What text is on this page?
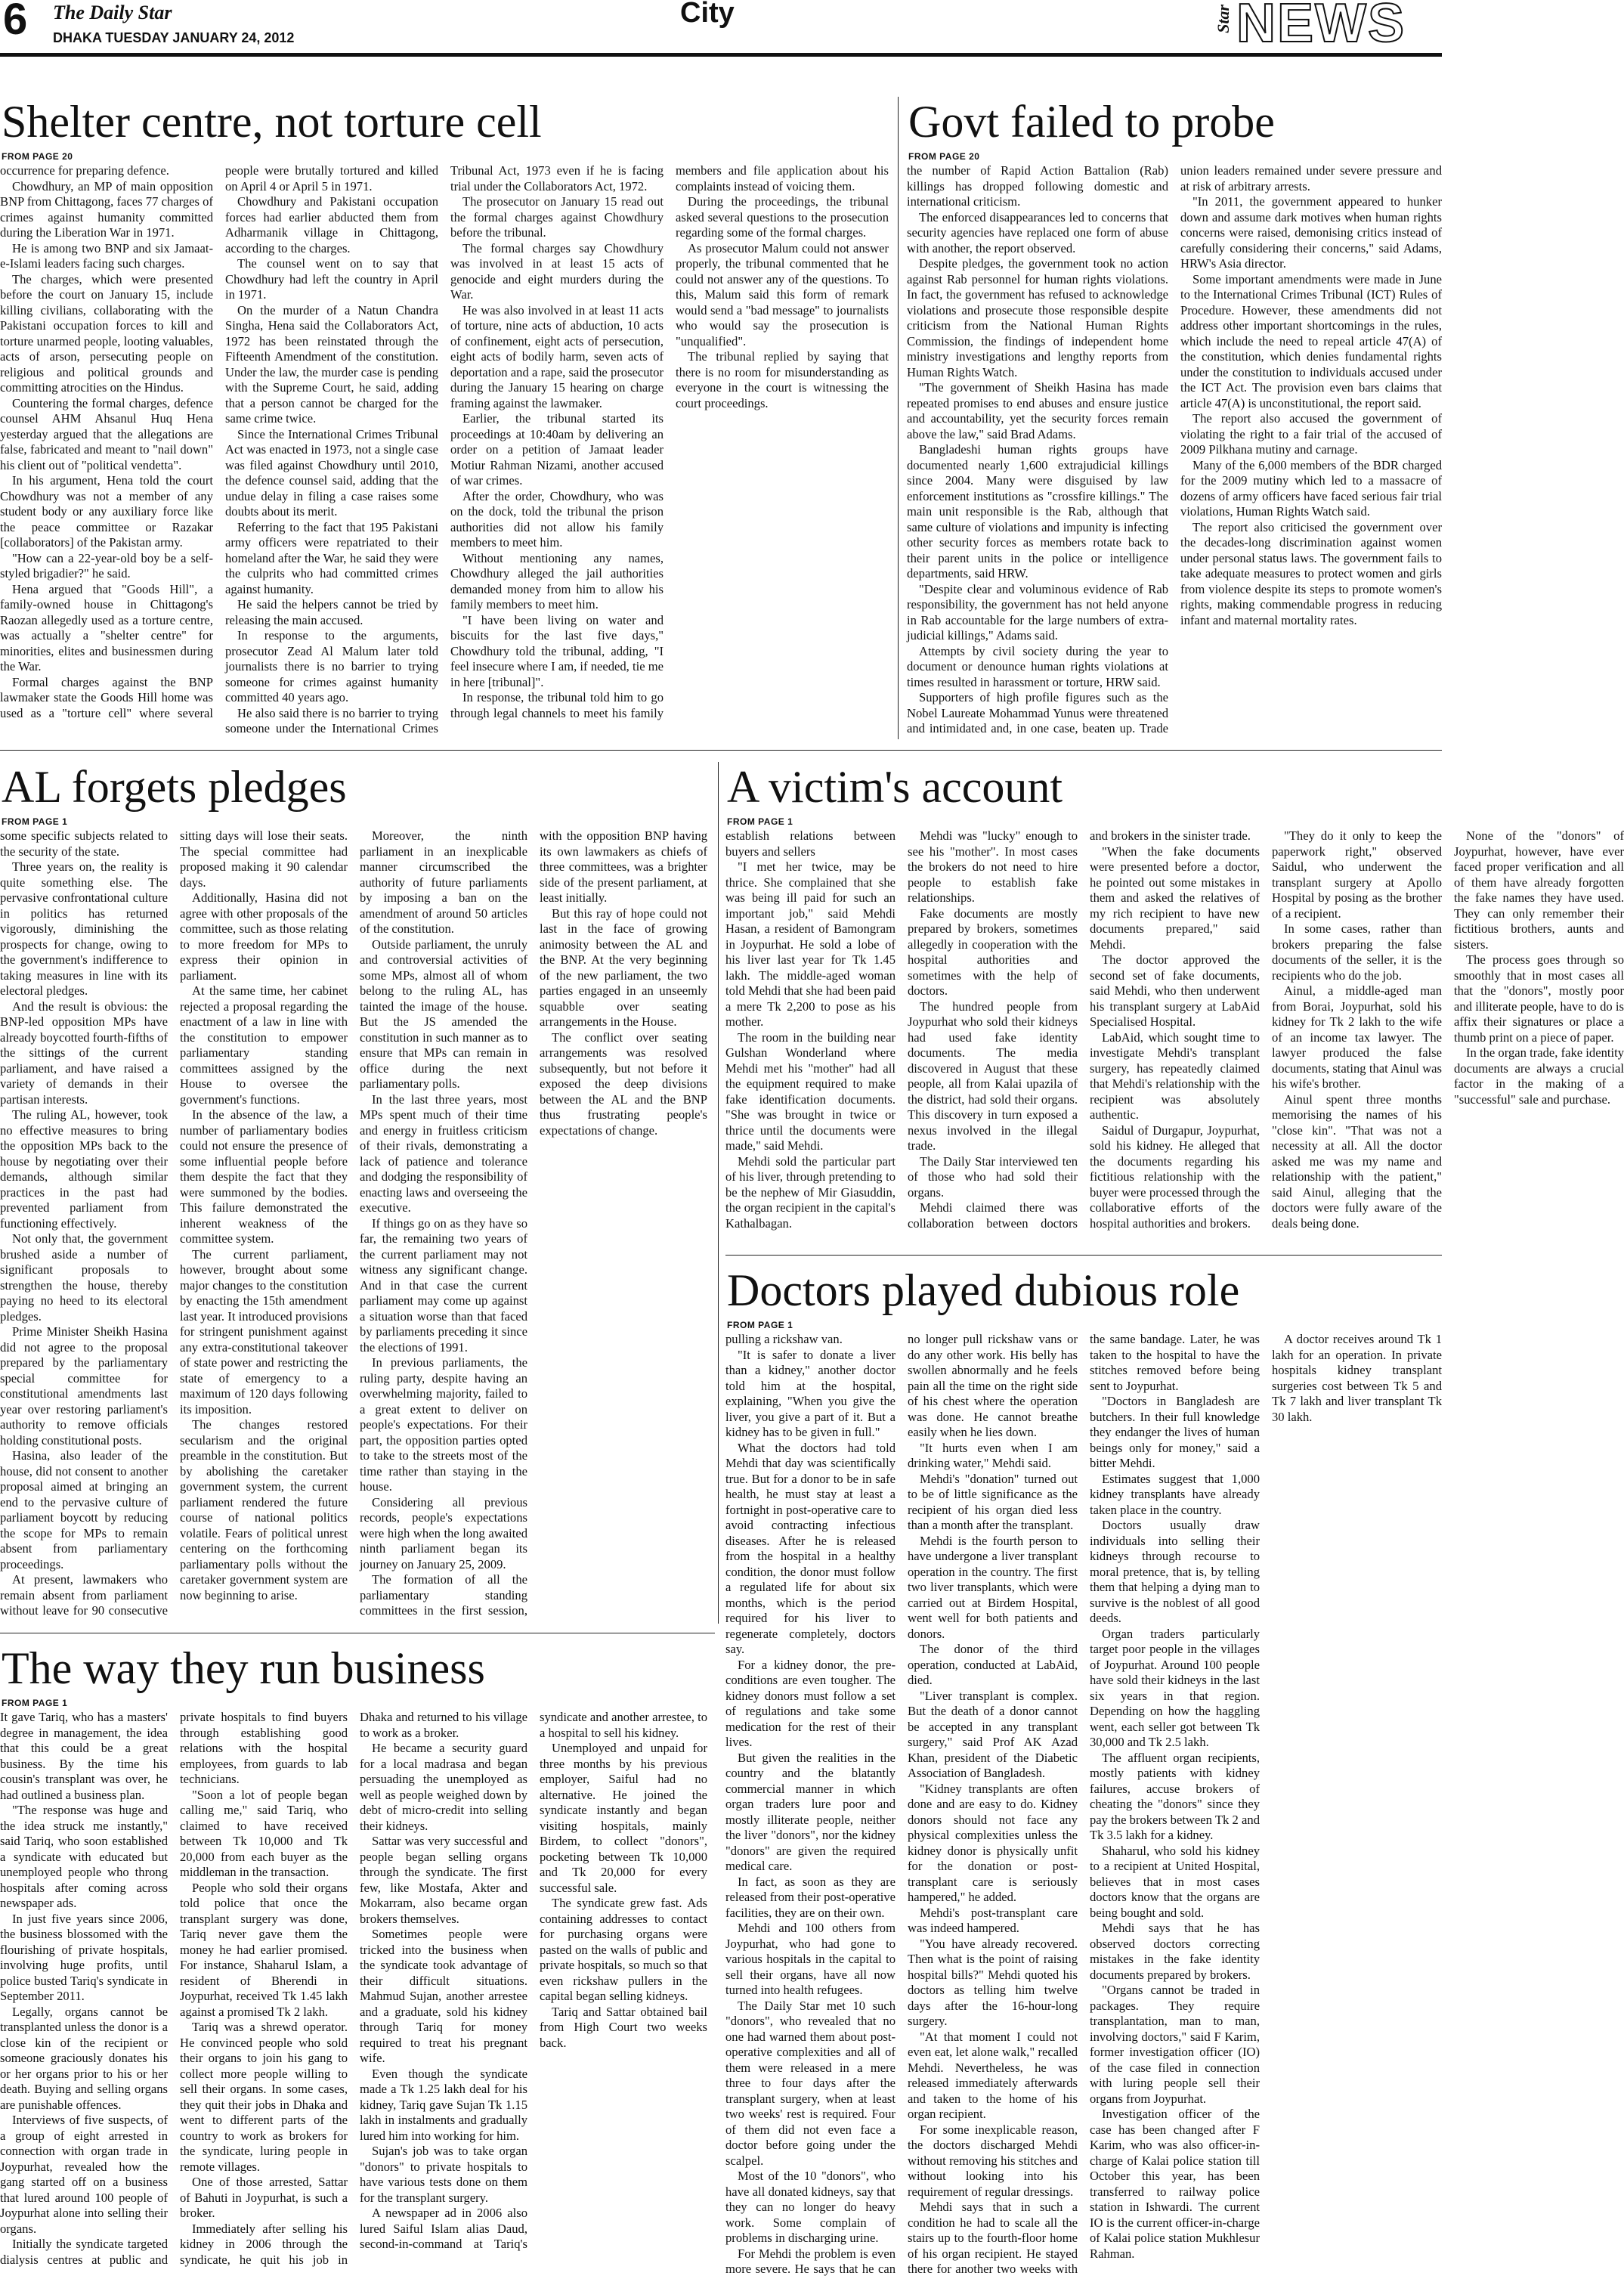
6 The Daily Star
DHAKA TUESDAY JANUARY 24, 2012
City	Star NEWS
Shelter centre, not torture cell
FROM PAGE 20

occurrence for preparing defence.

Chowdhury, an MP of main opposition BNP from Chittagong, faces 77 charges of crimes against humanity committed during the Liberation War in 1971.

He is among two BNP and six Jamaat-e-Islami leaders facing such charges.

The charges, which were presented before the court on January 15, include killing civilians, collaborating with the Pakistani occupation forces to kill and torture unarmed people, looting valuables, acts of arson, persecuting people on religious and political grounds and committing atrocities on the Hindus.

Countering the formal charges, defence counsel AHM Ahsanul Huq Hena yesterday argued that the allegations are false, fabricated and meant to "nail down" his client out of "political vendetta".

In his argument, Hena told the court Chowdhury was not a member of any student body or any auxiliary force like the peace committee or Razakar [collaborators] of the Pakistan army.

"How can a 22-year-old boy be a self-styled brigadier?" he said.

Hena argued that "Goods Hill", a family-owned house in Chittagong's Raozan allegedly used as a torture centre, was actually a "shelter centre" for minorities, elites and businessmen during the War.

Formal charges against the BNP lawmaker state the Goods Hill home was used as a "torture cell" where several people were brutally tortured and killed on April 4 or April 5 in 1971.

Chowdhury and Pakistani occupation forces had earlier abducted them from Adharmanik village in Chittagong, according to the charges.

The counsel went on to say that Chowdhury had left the country in April in 1971.

On the murder of a Natun Chandra Singha, Hena said the Collaborators Act, 1972 has been reinstated through the Fifteenth Amendment of the constitution. Under the law, the murder case is pending with the Supreme Court, he said, adding that a person cannot be charged for the same crime twice.

Since the International Crimes Tribunal Act was enacted in 1973, not a single case was filed against Chowdhury until 2010, the defence counsel said, adding that the undue delay in filing a case raises some doubts about its merit.

Referring to the fact that 195 Pakistani army officers were repatriated to their homeland after the War, he said they were the culprits who had committed crimes against humanity.

He said the helpers cannot be tried by releasing the main accused.

In response to the arguments, prosecutor Zead Al Malum later told journalists there is no barrier to trying someone for crimes against humanity committed 40 years ago.

He also said there is no barrier to trying someone under the International Crimes Tribunal Act, 1973 even if he is facing trial under the Collaborators Act, 1972.

The prosecutor on January 15 read out the formal charges against Chowdhury before the tribunal.

The formal charges say Chowdhury was involved in at least 15 acts of genocide and eight murders during the War.

He was also involved in at least 11 acts of torture, nine acts of abduction, 10 acts of confinement, eight acts of persecution, eight acts of bodily harm, seven acts of deportation and a rape, said the prosecutor during the January 15 hearing on charge framing against the lawmaker.

Earlier, the tribunal started its proceedings at 10:40am by delivering an order on a petition of Jamaat leader Motiur Rahman Nizami, another accused of war crimes.

After the order, Chowdhury, who was on the dock, told the tribunal the prison authorities did not allow his family members to meet him.

Without mentioning any names, Chowdhury alleged the jail authorities demanded money from him to allow his family members to meet him.

"I have been living on water and biscuits for the last five days," Chowdhury told the tribunal, adding, "I feel insecure where I am, if needed, tie me in here [tribunal]".

In response, the tribunal told him to go through legal channels to meet his family members and file application about his complaints instead of voicing them.

During the proceedings, the tribunal asked several questions to the prosecution regarding some of the formal charges.

As prosecutor Malum could not answer properly, the tribunal commented that he could not answer any of the questions. To this, Malum said this form of remark would send a "bad message" to journalists who would say the prosecution is "unqualified".

The tribunal replied by saying that there is no room for misunderstanding as everyone in the court is witnessing the court proceedings.

Govt failed to probe
FROM PAGE 20

the number of Rapid Action Battalion (Rab) killings has dropped following domestic and international criticism.

The enforced disappearances led to concerns that security agencies have replaced one form of abuse with another, the report observed.

Despite pledges, the government took no action against Rab personnel for human rights violations. In fact, the government has refused to acknowledge violations and prosecute those responsible despite criticism from the National Human Rights Commission, the findings of independent home ministry investigations and lengthy reports from Human Rights Watch.

"The government of Sheikh Hasina has made repeated promises to end abuses and ensure justice and accountability, yet the security forces remain above the law," said Brad Adams.

Bangladeshi human rights groups have documented nearly 1,600 extrajudicial killings since 2004. Many were disguised by law enforcement institutions as "crossfire killings." The main unit responsible is the Rab, although that same culture of violations and impunity is infecting other security forces as members rotate back to their parent units in the police or intelligence departments, said HRW.

"Despite clear and voluminous evidence of Rab responsibility, the government has not held anyone in Rab accountable for the large numbers of extra-judicial killings," Adams said.

Attempts by civil society during the year to document or denounce human rights violations at times resulted in harassment or torture, HRW said.

Supporters of high profile figures such as the Nobel Laureate Mohammad Yunus were threatened and intimidated and, in one case, beaten up. Trade union leaders remained under severe pressure and at risk of arbitrary arrests.

"In 2011, the government appeared to hunker down and assume dark motives when human rights concerns were raised, demonising critics instead of carefully considering their concerns," said Adams, HRW's Asia director.

Some important amendments were made in June to the International Crimes Tribunal (ICT) Rules of Procedure. However, these amendments did not address other important shortcomings in the rules, which include the need to repeal article 47(A) of the constitution, which denies fundamental rights under the constitution to individuals accused under the ICT Act. The provision even bars claims that article 47(A) is unconstitutional, the report said.

The report also accused the government of violating the right to a fair trial of the accused of 2009 Pilkhana mutiny and carnage.

Many of the 6,000 members of the BDR charged for the 2009 mutiny which led to a massacre of dozens of army officers have faced serious fair trial violations, Human Rights Watch said.

The report also criticised the government over the decades-long discrimination against women under personal status laws. The government fails to take adequate measures to protect women and girls from violence despite its steps to promote women's rights, making commendable progress in reducing infant and maternal mortality rates.

AL forgets pledges
FROM PAGE 1

some specific subjects related to the security of the state.

Three years on, the reality is quite something else. The pervasive confrontational culture in politics has returned vigorously, diminishing the prospects for change, owing to the government's indifference to taking measures in line with its electoral pledges.

And the result is obvious: the BNP-led opposition MPs have already boycotted fourth-fifths of the sittings of the current parliament, and have raised a variety of demands in their partisan interests.

The ruling AL, however, took no effective measures to bring the opposition MPs back to the house by negotiating over their demands, although similar practices in the past had prevented parliament from functioning effectively.

Not only that, the government brushed aside a number of significant proposals to strengthen the house, thereby paying no heed to its electoral pledges.

Prime Minister Sheikh Hasina did not agree to the proposal prepared by the parliamentary special committee for constitutional amendments last year over restoring parliament's authority to remove officials holding constitutional posts.

Hasina, also leader of the house, did not consent to another proposal aimed at bringing an end to the pervasive culture of parliament boycott by reducing the scope for MPs to remain absent from parliamentary proceedings.

At present, lawmakers who remain absent from parliament without leave for 90 consecutive sitting days will lose their seats. The special committee had proposed making it 90 calendar days.

Additionally, Hasina did not agree with other proposals of the committee, such as those relating to more freedom for MPs to express their opinion in parliament.

At the same time, her cabinet rejected a proposal regarding the enactment of a law in line with the constitution to empower parliamentary standing committees assigned by the House to oversee the government's functions.

In the absence of the law, a number of parliamentary bodies could not ensure the presence of some influential people before them despite the fact that they were summoned by the bodies. This failure demonstrated the inherent weakness of the committee system.

The current parliament, however, brought about some major changes to the constitution by enacting the 15th amendment last year. It introduced provisions for stringent punishment against any extra-constitutional takeover of state power and restricting the state of emergency to a maximum of 120 days following its imposition.

The changes restored secularism and the original preamble in the constitution. But by abolishing the caretaker government system, the current parliament rendered the future course of national politics volatile. Fears of political unrest centering on the forthcoming parliamentary polls without the caretaker government system are now beginning to arise.

Moreover, the ninth parliament in an inexplicable manner circumscribed the authority of future parliaments by imposing a ban on the amendment of around 50 articles of the constitution.

Outside parliament, the unruly and controversial activities of some MPs, almost all of whom belong to the ruling AL, has tainted the image of the house. But the JS amended the constitution in such manner as to ensure that MPs can remain in office during the next parliamentary polls.

In the last three years, most MPs spent much of their time and energy in fruitless criticism of their rivals, demonstrating a lack of patience and tolerance and dodging the responsibility of enacting laws and overseeing the executive.

If things go on as they have so far, the remaining two years of the current parliament may not witness any significant change. And in that case the current parliament may come up against a situation worse than that faced by parliaments preceding it since the elections of 1991.

In previous parliaments, the ruling party, despite having an overwhelming majority, failed to a great extent to deliver on people's expectations. For their part, the opposition parties opted to take to the streets most of the time rather than staying in the house.

Considering all previous records, people's expectations were high when the long awaited ninth parliament began its journey on January 25, 2009.

The formation of all the parliamentary standing committees in the first session, with the opposition BNP having its own lawmakers as chiefs of three committees, was a brighter side of the present parliament, at least initially.

But this ray of hope could not last in the face of growing animosity between the AL and the BNP. At the very beginning of the new parliament, the two parties engaged in an unseemly squabble over seating arrangements in the House.

The conflict over seating arrangements was resolved subsequently, but not before it exposed the deep divisions between the AL and the BNP thus frustrating people's expectations of change.

A victim's account
FROM PAGE 1

establish relations between buyers and sellers

"I met her twice, may be thrice. She complained that she was being ill paid for such an important job," said Mehdi Hasan, a resident of Bamongram in Joypurhat. He sold a lobe of his liver last year for Tk 1.45 lakh. The middle-aged woman told Mehdi that she had been paid a mere Tk 2,200 to pose as his mother.

The room in the building near Gulshan Wonderland where Mehdi met his "mother" had all the equipment required to make fake identification documents. "She was brought in twice or thrice until the documents were made," said Mehdi.

Mehdi sold the particular part of his liver, through pretending to be the nephew of Mir Giasuddin, the organ recipient in the capital's Kathalbagan.

Mehdi was "lucky" enough to see his "mother". In most cases the brokers do not need to hire people to establish fake relationships.

Fake documents are mostly prepared by brokers, sometimes allegedly in cooperation with the hospital authorities and sometimes with the help of doctors.

The hundred people from Joypurhat who sold their kidneys had used fake identity documents. The media discovered in August that these people, all from Kalai upazila of the district, had sold their organs. This discovery in turn exposed a nexus involved in the illegal trade.

The Daily Star interviewed ten of those who had sold their organs.

Mehdi claimed there was collaboration between doctors and brokers in the sinister trade.

"When the fake documents were presented before a doctor, he pointed out some mistakes in them and asked the relatives of my rich recipient to have new documents prepared," said Mehdi.

The doctor approved the second set of fake documents, said Mehdi, who then underwent his transplant surgery at LabAid Specialised Hospital.

LabAid, which sought time to investigate Mehdi's transplant surgery, has repeatedly claimed that Mehdi's relationship with the recipient was absolutely authentic.

Saidul of Durgapur, Joypurhat, sold his kidney. He alleged that the documents regarding his fictitious relationship with the buyer were processed through the collaborative efforts of the hospital authorities and brokers.

"They do it only to keep the paperwork right," observed Saidul, who underwent the transplant surgery at Apollo Hospital by posing as the brother of a recipient.

In some cases, rather than brokers preparing the false documents of the seller, it is the recipients who do the job.

Ainul, a middle-aged man from Borai, Joypurhat, sold his kidney for Tk 2 lakh to the wife of an income tax lawyer. The lawyer produced the false documents, stating that Ainul was his wife's brother.

Ainul spent three months memorising the names of his "close kin". "That was not a necessity at all. All the doctor asked me was my name and relationship with the patient," said Ainul, alleging that the doctors were fully aware of the deals being done.

None of the "donors" of Joypurhat, however, have ever faced proper verification and all of them have already forgotten the fake names they have used. They can only remember their fictitious brothers, aunts and sisters.

The process goes through so smoothly that in most cases all that the "donors", mostly poor and illiterate people, have to do is affix their signatures or place a thumb print on a piece of paper.

In the organ trade, fake identity documents are always a crucial factor in the making of a "successful" sale and purchase.

Doctors played dubious role
FROM PAGE 1

pulling a rickshaw van.

"It is safer to donate a liver than a kidney," another doctor told him at the hospital, explaining, "When you give the liver, you give a part of it. But a kidney has to be given in full."

What the doctors had told Mehdi that day was scientifically true. But for a donor to be in safe health, he must stay at least a fortnight in post-operative care to avoid contracting infectious diseases. After he is released from the hospital in a healthy condition, the donor must follow a regulated life for about six months, which is the period required for his liver to regenerate completely, doctors say.

For a kidney donor, the pre-conditions are even tougher. The kidney donors must follow a set of regulations and take some medication for the rest of their lives.

But given the realities in the country and the blatantly commercial manner in which organ traders lure poor and mostly illiterate people, neither the liver "donors", nor the kidney "donors" are given the required medical care.

In fact, as soon as they are released from their post-operative facilities, they are on their own.

Mehdi and 100 others from Joypurhat, who had gone to various hospitals in the capital to sell their organs, have all now turned into health refugees.

The Daily Star met 10 such "donors", who revealed that no one had warned them about post-operative complexities and all of them were released in a mere three to four days after the transplant surgery, when at least two weeks' rest is required. Four of them did not even face a doctor before going under the scalpel.

Most of the 10 "donors", who have all donated kidneys, say that they can no longer do heavy work. Some complain of problems in discharging urine.

For Mehdi the problem is even more severe. He says that he can no longer pull rickshaw vans or do any other work. His belly has swollen abnormally and he feels pain all the time on the right side of his chest where the operation was done. He cannot breathe easily when he lies down.

"It hurts even when I am drinking water," Mehdi said.

Mehdi's "donation" turned out to be of little significance as the recipient of his organ died less than a month after the transplant.

Mehdi is the fourth person to have undergone a liver transplant operation in the country. The first two liver transplants, which were carried out at Birdem Hospital, went well for both patients and donors.

The donor of the third operation, conducted at LabAid, died.

"Liver transplant is complex. But the death of a donor cannot be accepted in any transplant surgery," said Prof AK Azad Khan, president of the Diabetic Association of Bangladesh.

"Kidney transplants are often done and are easy to do. Kidney donors should not face any physical complexities unless the kidney donor is physically unfit for the donation or post-transplant care is seriously hampered," he added.

Mehdi's post-transplant care was indeed hampered.

"You have already recovered. Then what is the point of raising hospital bills?" Mehdi quoted his doctors as telling him twelve days after the 16-hour-long surgery.

"At that moment I could not even eat, let alone walk," recalled Mehdi. Nevertheless, he was released immediately afterwards and taken to the home of his organ recipient.

For some inexplicable reason, the doctors discharged Mehdi without removing his stitches and without looking into his requirement of regular dressings.

Mehdi says that in such a condition he had to scale all the stairs up to the fourth-floor home of his organ recipient. He stayed there for another two weeks with the same bandage. Later, he was taken to the hospital to have the stitches removed before being sent to Joypurhat.

"Doctors in Bangladesh are butchers. In their full knowledge they endanger the lives of human beings only for money," said a bitter Mehdi.

Estimates suggest that 1,000 kidney transplants have already taken place in the country.

Doctors usually draw individuals into selling their kidneys through recourse to moral pretence, that is, by telling them that helping a dying man to survive is the noblest of all good deeds.

Organ traders particularly target poor people in the villages of Joypurhat. Around 100 people have sold their kidneys in the last six years in that region. Depending on how the haggling went, each seller got between Tk 30,000 and Tk 2.5 lakh.

The affluent organ recipients, mostly patients with kidney failures, accuse brokers of cheating the "donors" since they pay the brokers between Tk 2 and Tk 3.5 lakh for a kidney.

Shaharul, who sold his kidney to a recipient at United Hospital, believes that in most cases doctors know that the organs are being bought and sold.

Mehdi says that he has observed doctors correcting mistakes in the fake identity documents prepared by brokers.

"Organs cannot be traded in packages. They require transplantation, man to man, involving doctors," said F Karim, former investigation officer (IO) of the case filed in connection with luring people sell their organs from Joypurhat.

Investigation officer of the case has been changed after F Karim, who was also officer-in-charge of Kalai police station till October this year, has been transferred to railway police station in Ishwardi. The current IO is the current officer-in-charge of Kalai police station Mukhlesur Rahman.

A doctor receives around Tk 1 lakh for an operation. In private hospitals kidney transplant surgeries cost between Tk 5 and Tk 7 lakh and liver transplant Tk 30 lakh.

The way they run business
FROM PAGE 1

It gave Tariq, who has a masters' degree in management, the idea that this could be a great business. By the time his cousin's transplant was over, he had outlined a business plan.

"The response was huge and the idea struck me instantly," said Tariq, who soon established a syndicate with educated but unemployed people who throng hospitals after coming across newspaper ads.

In just five years since 2006, the business blossomed with the flourishing of private hospitals, involving huge profits, until police busted Tariq's syndicate in September 2011.

Legally, organs cannot be transplanted unless the donor is a close kin of the recipient or someone graciously donates his or her organs prior to his or her death. Buying and selling organs are punishable offences.

Interviews of five suspects, of a group of eight arrested in connection with organ trade in Joypurhat, revealed how the gang started off on a business that lured around 100 people of Joypurhat alone into selling their organs.

Initially the syndicate targeted dialysis centres at public and private hospitals to find buyers through establishing good relations with the hospital employees, from guards to lab technicians.

"Soon a lot of people began calling me," said Tariq, who claimed to have received between Tk 10,000 and Tk 20,000 from each buyer as the middleman in the transaction.

People who sold their organs told police that once the transplant surgery was done, Tariq never gave them the money he had earlier promised. For instance, Shaharul Islam, a resident of Bherendi in Joypurhat, received Tk 1.45 lakh against a promised Tk 2 lakh.

Tariq was a shrewd operator. He convinced people who sold their organs to join his gang to collect more people willing to sell their organs. In some cases, they quit their jobs in Dhaka and went to different parts of the country to work as brokers for the syndicate, luring people in remote villages.

One of those arrested, Sattar of Bahuti in Joypurhat, is such a broker.

Immediately after selling his kidney in 2006 through the syndicate, he quit his job in Dhaka and returned to his village to work as a broker.

He became a security guard for a local madrasa and began persuading the unemployed as well as people weighed down by debt of micro-credit into selling their kidneys.

Sattar was very successful and people began selling organs through the syndicate. The first few, like Mostafa, Akter and Mokarram, also became organ brokers themselves.

Sometimes people were tricked into the business when the syndicate took advantage of their difficult situations. Mahmud Sujan, another arrestee and a graduate, sold his kidney through Tariq for money required to treat his pregnant wife.

Even though the syndicate made a Tk 1.25 lakh deal for his kidney, Tariq gave Sujan Tk 1.15 lakh in instalments and gradually lured him into working for him.

Sujan's job was to take organ "donors" to private hospitals to have various tests done on them for the transplant surgery.

A newspaper ad in 2006 also lured Saiful Islam alias Daud, second-in-command at Tariq's syndicate and another arrestee, to a hospital to sell his kidney.

Unemployed and unpaid for three months by his previous employer, Saiful had no alternative. He joined the syndicate instantly and began visiting hospitals, mainly Birdem, to collect "donors", pocketing between Tk 10,000 and Tk 20,000 for every successful sale.

The syndicate grew fast. Ads containing addresses to contact for purchasing organs were pasted on the walls of public and private hospitals, so much so that even rickshaw pullers in the capital began selling kidneys.

Tariq and Sattar obtained bail from High Court two weeks back.
